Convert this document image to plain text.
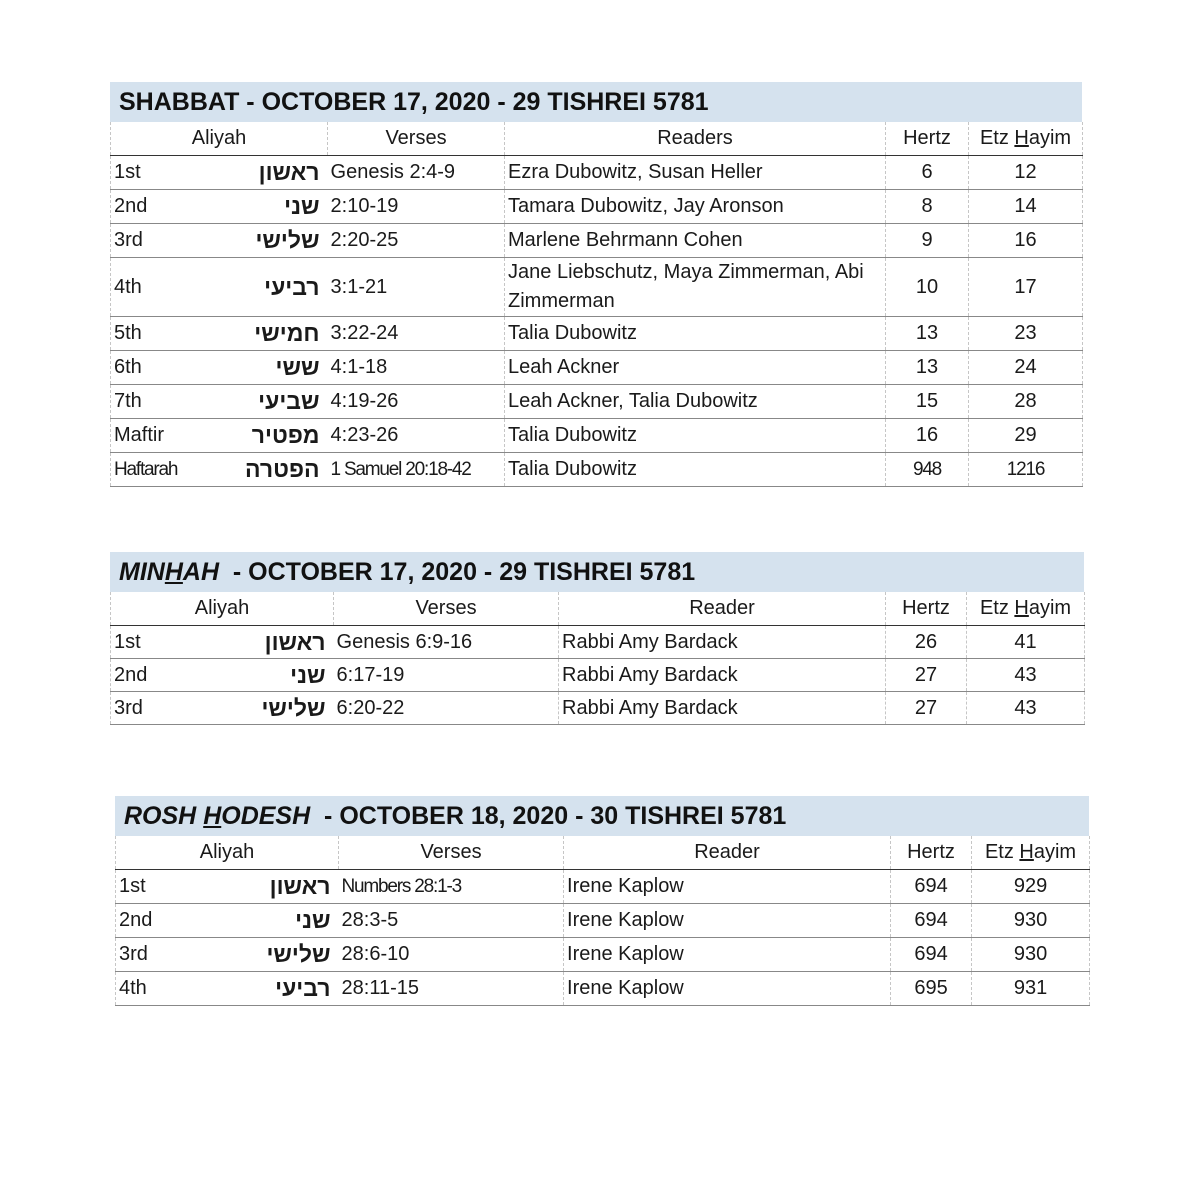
SHABBAT - OCTOBER 17, 2020 - 29 TISHREI 5781
Aliyah		Verses	Readers	Hertz	Etz Hayim
1st	ראשון	Genesis 2:4-9	Ezra Dubowitz, Susan Heller	6	12
2nd	שני	2:10-19	Tamara Dubowitz, Jay Aronson	8	14
3rd	שלישי	2:20-25	Marlene Behrmann Cohen	9	16
4th	רביעי	3:1-21	Jane Liebschutz, Maya Zimmerman, Abi Zimmerman	10	17
5th	חמישי	3:22-24	Talia Dubowitz	13	23
6th	ששי	4:1-18	Leah Ackner	13	24
7th	שביעי	4:19-26	Leah Ackner, Talia Dubowitz	15	28
Maftir	מפטיר	4:23-26	Talia Dubowitz	16	29
Haftarah	הפטרה	1 Samuel 20:18-42	Talia Dubowitz	948	1216
MINHAH  - OCTOBER 17, 2020 - 29 TISHREI 5781
Aliyah		Verses	Reader	Hertz	Etz Hayim
1st	ראשון	Genesis 6:9-16	Rabbi Amy Bardack	26	41
2nd	שני	6:17-19	Rabbi Amy Bardack	27	43
3rd	שלישי	6:20-22	Rabbi Amy Bardack	27	43
ROSH HODESH  - OCTOBER 18, 2020 - 30 TISHREI 5781
Aliyah		Verses	Reader	Hertz	Etz Hayim
1st	ראשון	Numbers 28:1-3	Irene Kaplow	694	929
2nd	שני	28:3-5	Irene Kaplow	694	930
3rd	שלישי	28:6-10	Irene Kaplow	694	930
4th	רביעי	28:11-15	Irene Kaplow	695	931
